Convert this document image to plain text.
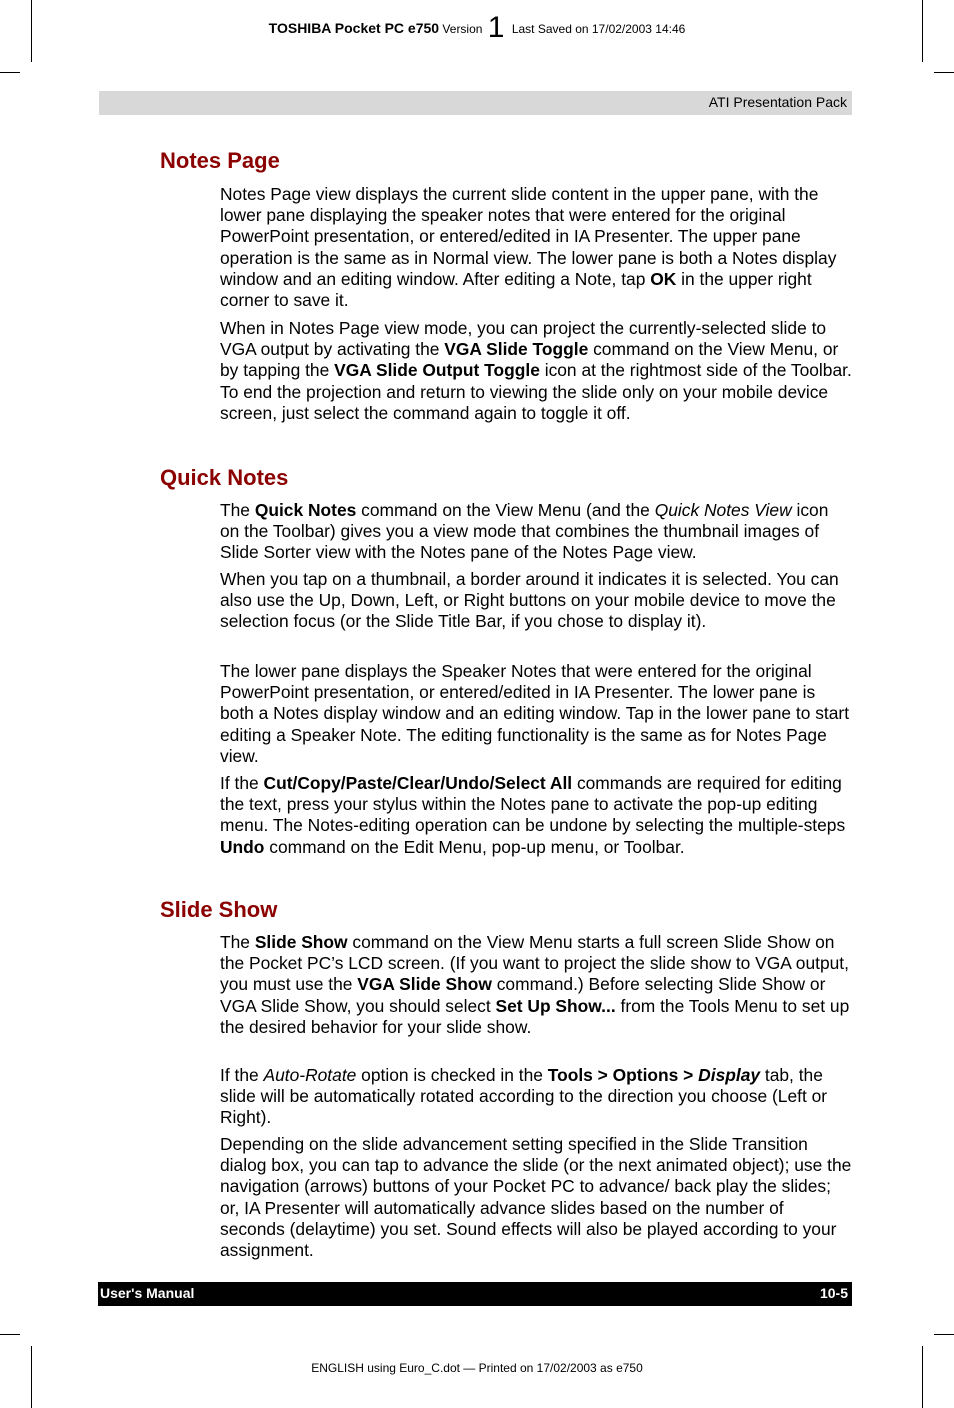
TOSHIBA Pocket PC e750 Version 1 Last Saved on 17/02/2003 14:46
ATI Presentation Pack
Notes Page

Notes Page view displays the current slide content in the upper pane, with the lower pane displaying the speaker notes that were entered for the original PowerPoint presentation, or entered/edited in IA Presenter. The upper pane operation is the same as in Normal view. The lower pane is both a Notes display window and an editing window. After editing a Note, tap OK in the upper right corner to save it.

When in Notes Page view mode, you can project the currently-selected slide to VGA output by activating the VGA Slide Toggle command on the View Menu, or by tapping the VGA Slide Output Toggle icon at the rightmost side of the Toolbar. To end the projection and return to viewing the slide only on your mobile device screen, just select the command again to toggle it off.

Quick Notes

The Quick Notes command on the View Menu (and the Quick Notes View icon on the Toolbar) gives you a view mode that combines the thumbnail images of Slide Sorter view with the Notes pane of the Notes Page view.

When you tap on a thumbnail, a border around it indicates it is selected. You can also use the Up, Down, Left, or Right buttons on your mobile device to move the selection focus (or the Slide Title Bar, if you chose to display it).

The lower pane displays the Speaker Notes that were entered for the original PowerPoint presentation, or entered/edited in IA Presenter. The lower pane is both a Notes display window and an editing window. Tap in the lower pane to start editing a Speaker Note. The editing functionality is the same as for Notes Page view.

If the Cut/Copy/Paste/Clear/Undo/Select All commands are required for editing the text, press your stylus within the Notes pane to activate the pop-up editing menu. The Notes-editing operation can be undone by selecting the multiple-steps Undo command on the Edit Menu, pop-up menu, or Toolbar.

Slide Show

The Slide Show command on the View Menu starts a full screen Slide Show on the Pocket PC’s LCD screen. (If you want to project the slide show to VGA output, you must use the VGA Slide Show command.) Before selecting Slide Show or VGA Slide Show, you should select Set Up Show... from the Tools Menu to set up the desired behavior for your slide show.

If the Auto-Rotate option is checked in the Tools > Options > Display tab, the slide will be automatically rotated according to the direction you choose (Left or Right).

Depending on the slide advancement setting specified in the Slide Transition dialog box, you can tap to advance the slide (or the next animated object); use the navigation (arrows) buttons of your Pocket PC to advance/ back play the slides; or, IA Presenter will automatically advance slides based on the number of seconds (delaytime) you set. Sound effects will also be played according to your assignment.

User's Manual	10-5
ENGLISH using Euro_C.dot — Printed on 17/02/2003 as e750
